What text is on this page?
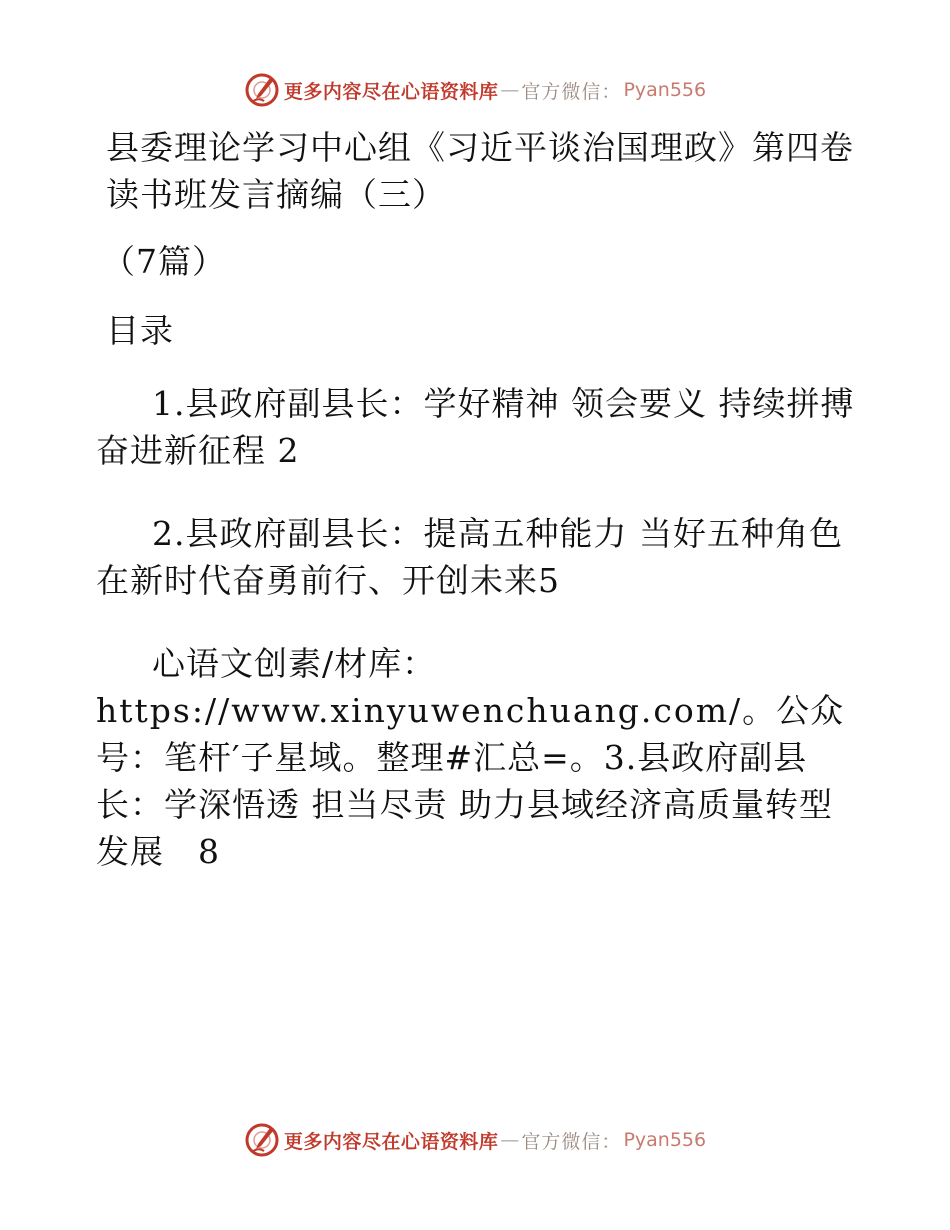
更多内容尽在心语资料库 — 官方微信： Pyan556

县委理论学习中心组《习近平谈治国理政》第四卷读书班发言摘编（三）

（7篇）

目录

1.县政府副县长：学好精神 领会要义 持续拼搏奋进新征程 2

2.县政府副县长：提高五种能力 当好五种角色 在新时代奋勇前行、开创未来5

心语文创素/材库：https://www.xinyuwenchuang.com/。公众号：笔杆′子星域。整理#汇总=。3.县政府副县长：学深悟透 担当尽责 助力县域经济高质量转型发展　8

更多内容尽在心语资料库 — 官方微信： Pyan556
